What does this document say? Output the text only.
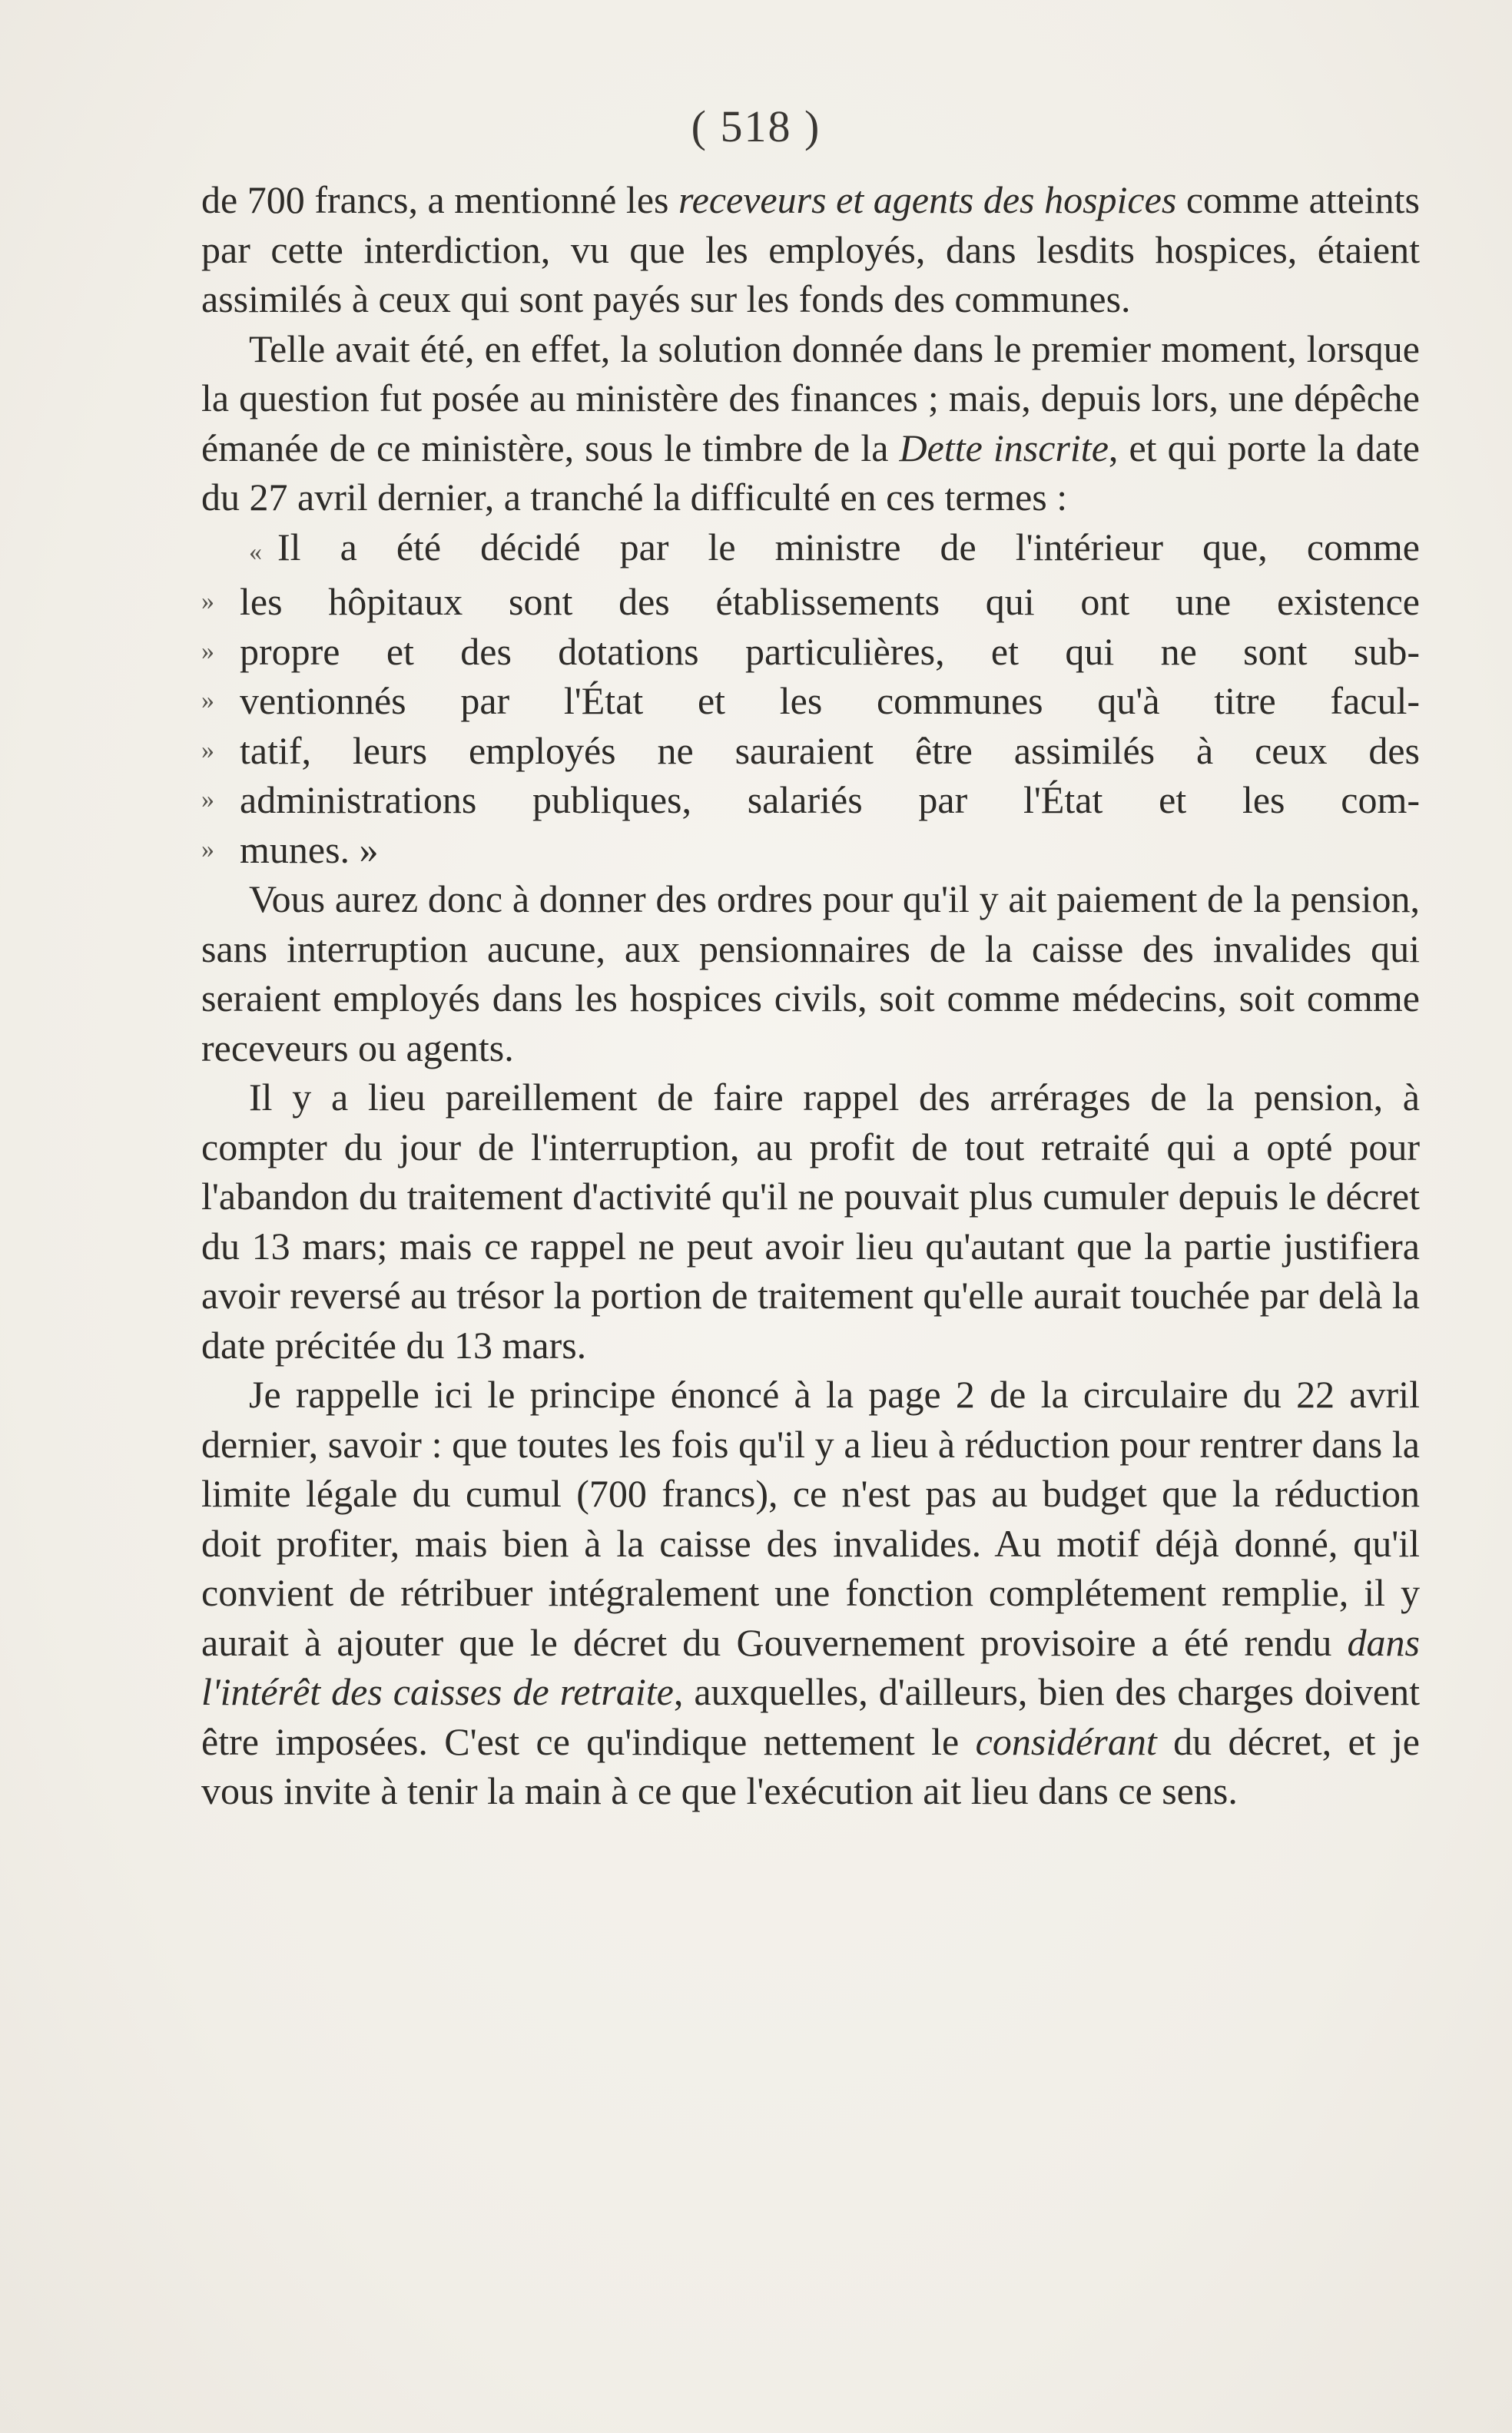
( 518 )

de 700 francs, a mentionné les receveurs et agents des hospices comme atteints par cette interdiction, vu que les employés, dans lesdits hospices, étaient assimilés à ceux qui sont payés sur les fonds des communes.

Telle avait été, en effet, la solution donnée dans le premier moment, lorsque la question fut posée au ministère des finances ; mais, depuis lors, une dépêche émanée de ce ministère, sous le timbre de la Dette inscrite, et qui porte la date du 27 avril dernier, a tranché la difficulté en ces termes :

« Il a été décidé par le ministre de l'intérieur que, comme
» les hôpitaux sont des établissements qui ont une existence
» propre et des dotations particulières, et qui ne sont sub-
» ventionnés par l'État et les communes qu'à titre facul-
» tatif, leurs employés ne sauraient être assimilés à ceux des
» administrations publiques, salariés par l'État et les com-
» munes. »

Vous aurez donc à donner des ordres pour qu'il y ait paiement de la pension, sans interruption aucune, aux pensionnaires de la caisse des invalides qui seraient employés dans les hospices civils, soit comme médecins, soit comme receveurs ou agents.

Il y a lieu pareillement de faire rappel des arrérages de la pension, à compter du jour de l'interruption, au profit de tout retraité qui a opté pour l'abandon du traitement d'activité qu'il ne pouvait plus cumuler depuis le décret du 13 mars; mais ce rappel ne peut avoir lieu qu'autant que la partie justifiera avoir reversé au trésor la portion de traitement qu'elle aurait touchée par delà la date précitée du 13 mars.

Je rappelle ici le principe énoncé à la page 2 de la circulaire du 22 avril dernier, savoir : que toutes les fois qu'il y a lieu à réduction pour rentrer dans la limite légale du cumul (700 francs), ce n'est pas au budget que la réduction doit profiter, mais bien à la caisse des invalides. Au motif déjà donné, qu'il convient de rétribuer intégralement une fonction complétement remplie, il y aurait à ajouter que le décret du Gouvernement provisoire a été rendu dans l'intérêt des caisses de retraite, auxquelles, d'ailleurs, bien des charges doivent être imposées. C'est ce qu'indique nettement le considérant du décret, et je vous invite à tenir la main à ce que l'exécution ait lieu dans ce sens.
